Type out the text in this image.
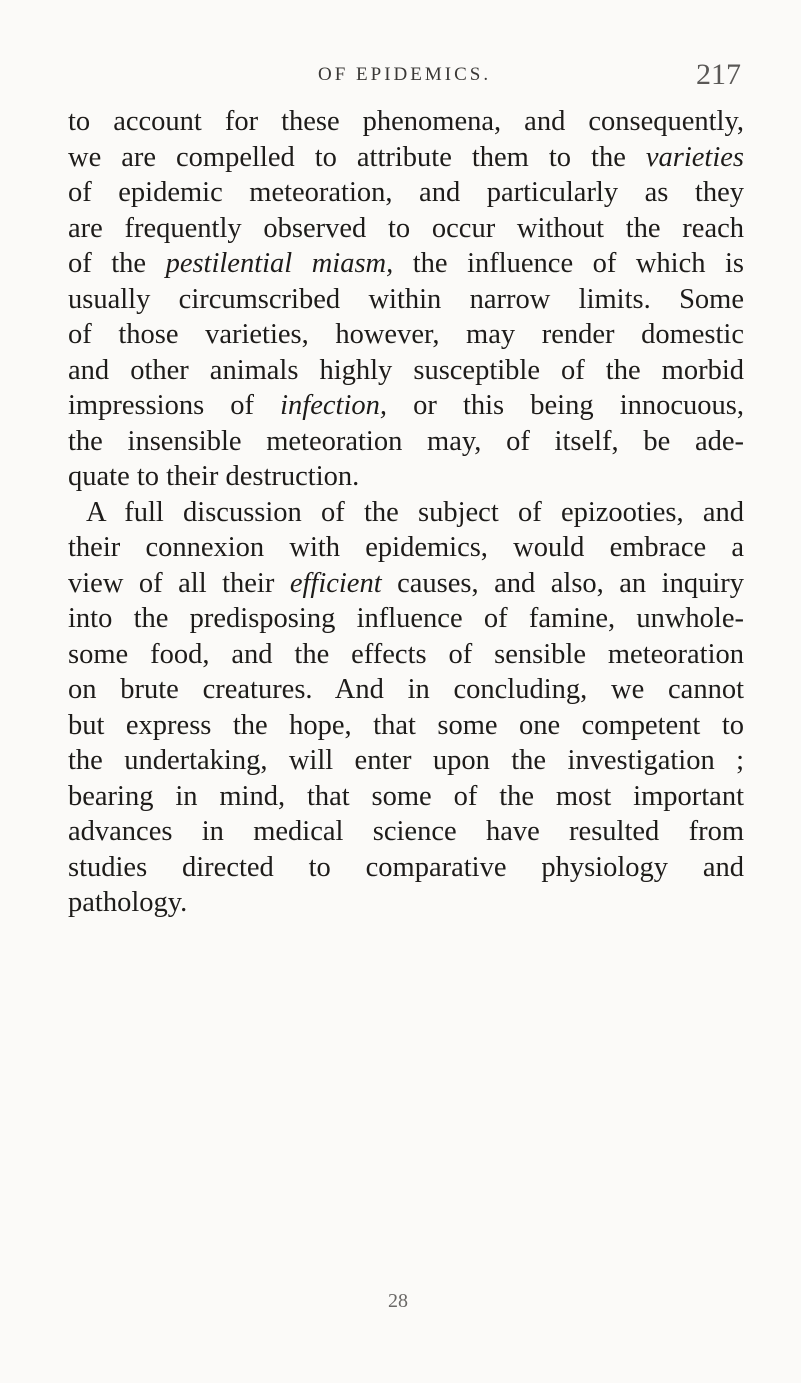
OF EPIDEMICS.	217
to account for these phenomena, and consequently,
we are compelled to attribute them to the varieties
of epidemic meteoration, and particularly as they
are frequently observed to occur without the reach
of the pestilential miasm, the influence of which is
usually circumscribed within narrow limits. Some
of those varieties, however, may render domestic
and other animals highly susceptible of the morbid
impressions of infection, or this being innocuous,
the insensible meteoration may, of itself, be ade-
quate to their destruction.
A full discussion of the subject of epizooties, and
their connexion with epidemics, would embrace a
view of all their efficient causes, and also, an inquiry
into the predisposing influence of famine, unwhole-
some food, and the effects of sensible meteoration
on brute creatures. And in concluding, we cannot
but express the hope, that some one competent to
the undertaking, will enter upon the investigation ;
bearing in mind, that some of the most important
advances in medical science have resulted from
studies directed to comparative physiology and
pathology.
28
